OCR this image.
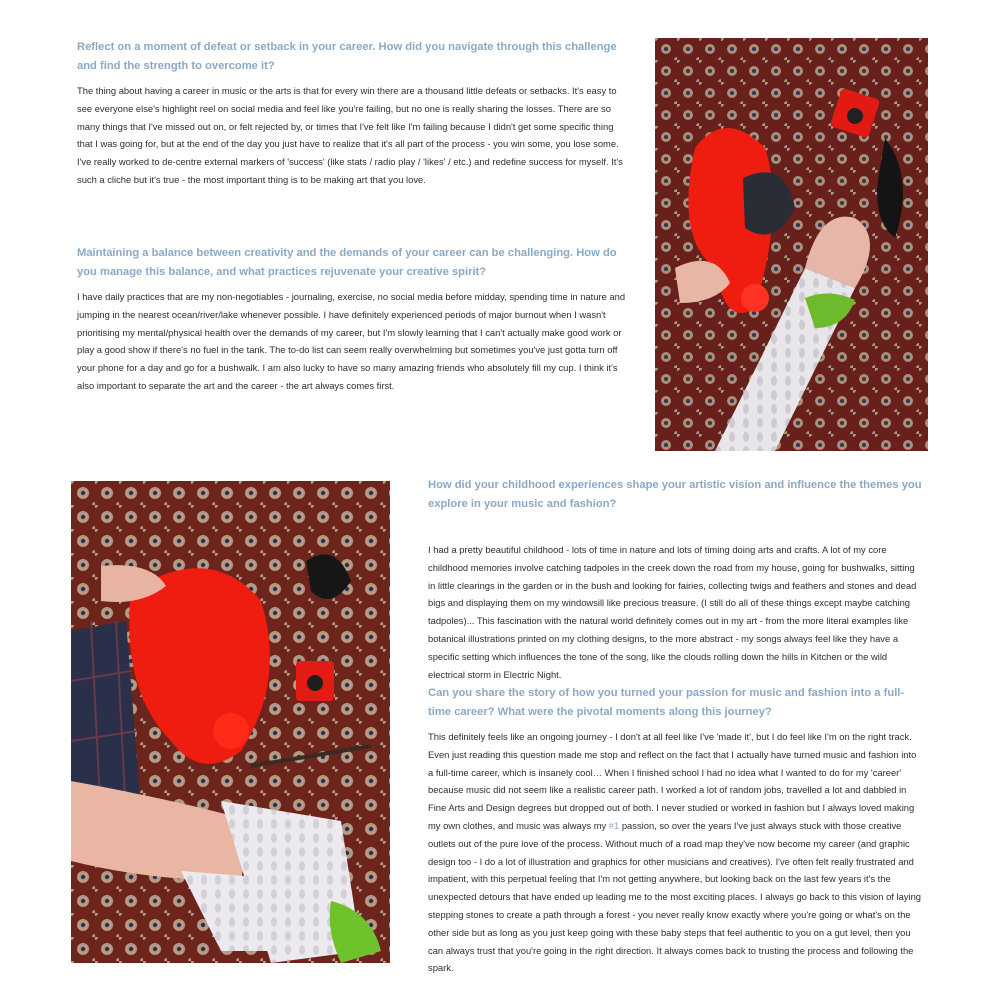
Reflect on a moment of defeat or setback in your career. How did you navigate through this challenge and find the strength to overcome it?

The thing about having a career in music or the arts is that for every win there are a thousand little defeats or setbacks. It's easy to see everyone else's highlight reel on social media and feel like you're failing, but no one is really sharing the losses. There are so many things that I've missed out on, or felt rejected by, or times that I've felt like I'm failing because I didn't get some specific thing that I was going for, but at the end of the day you just have to realize that it's all part of the process - you win some, you lose some. I've really worked to de-centre external markers of 'success' (like stats / radio play / 'likes' / etc.) and redefine success for myself. It's such a cliche but it's true - the most important thing is to be making art that you love.

Maintaining a balance between creativity and the demands of your career can be challenging. How do you manage this balance, and what practices rejuvenate your creative spirit?

I have daily practices that are my non-negotiables - journaling, exercise, no social media before midday, spending time in nature and jumping in the nearest ocean/river/lake whenever possible. I have definitely experienced periods of major burnout when I wasn't prioritising my mental/physical health over the demands of my career, but I'm slowly learning that I can't actually make good work or play a good show if there's no fuel in the tank. The to-do list can seem really overwhelming but sometimes you've just gotta turn off your phone for a day and go for a bushwalk. I am also lucky to have so many amazing friends who absolutely fill my cup. I think it's also important to separate the art and the career - the art always comes first.

How did your childhood experiences shape your artistic vision and influence the themes you explore in your music and fashion?

I had a pretty beautiful childhood - lots of time in nature and lots of timing doing arts and crafts. A lot of my core childhood memories involve catching tadpoles in the creek down the road from my house, going for bushwalks, sitting in little clearings in the garden or in the bush and looking for fairies, collecting twigs and feathers and stones and dead bigs and displaying them on my windowsill like precious treasure. (I still do all of these things except maybe catching tadpoles)... This fascination with the natural world definitely comes out in my art - from the more literal examples like botanical illustrations printed on my clothing designs, to the more abstract - my songs always feel like they have a specific setting which influences the tone of the song, like the clouds rolling down the hills in Kitchen or the wild electrical storm in Electric Night.

Can you share the story of how you turned your passion for music and fashion into a full-time career? What were the pivotal moments along this journey?

This definitely feels like an ongoing journey - I don't at all feel like I've 'made it', but I do feel like I'm on the right track. Even just reading this question made me stop and reflect on the fact that I actually have turned music and fashion into a full-time career, which is insanely cool… When I finished school I had no idea what I wanted to do for my 'career' because music did not seem like a realistic career path. I worked a lot of random jobs, travelled a lot and dabbled in Fine Arts and Design degrees but dropped out of both. I never studied or worked in fashion but I always loved making my own clothes, and music was always my #1 passion, so over the years I've just always stuck with those creative outlets out of the pure love of the process. Without much of a road map they've now become my career (and graphic design too - I do a lot of illustration and graphics for other musicians and creatives). I've often felt really frustrated and impatient, with this perpetual feeling that I'm not getting anywhere, but looking back on the last few years it's the unexpected detours that have ended up leading me to the most exciting places. I always go back to this vision of laying stepping stones to create a path through a forest - you never really know exactly where you're going or what's on the other side but as long as you just keep going with these baby steps that feel authentic to you on a gut level, then you can always trust that you're going in the right direction. It always comes back to trusting the process and following the spark.
